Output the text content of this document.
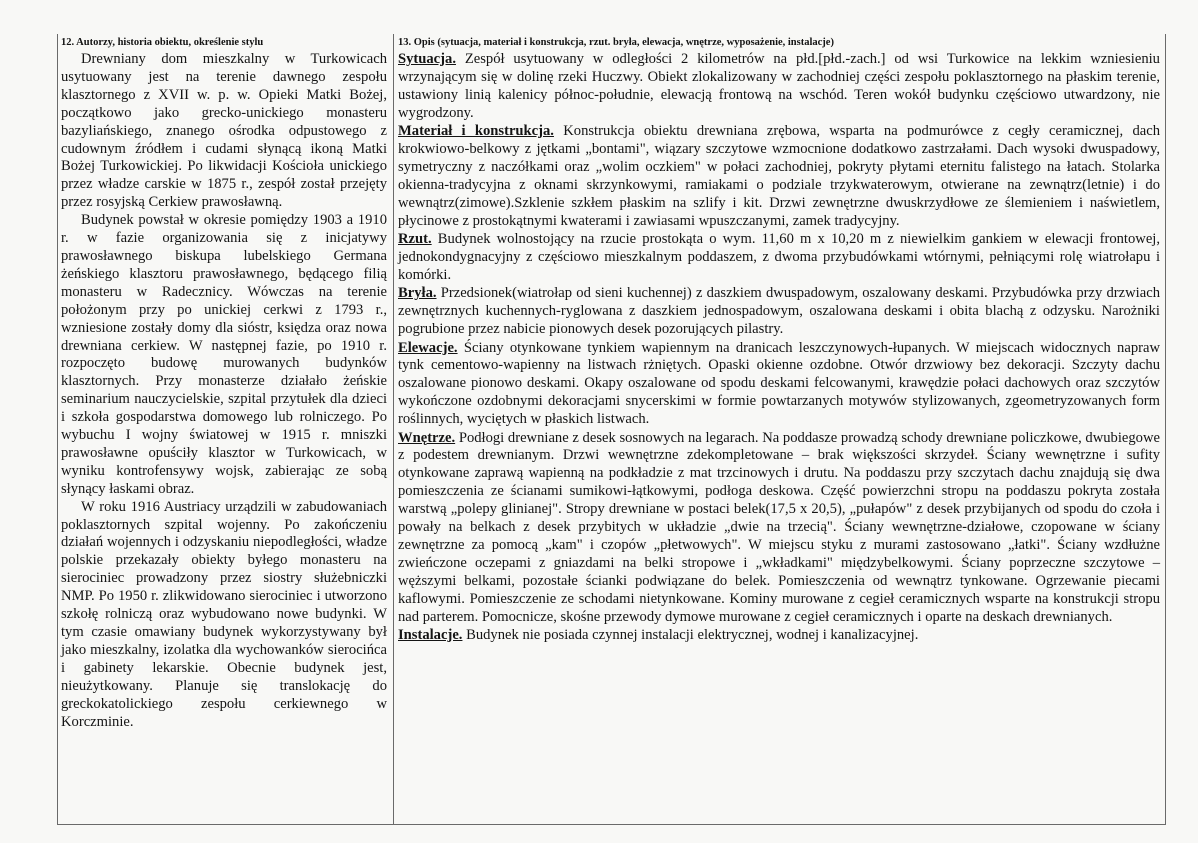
12. Autorzy, historia obiektu, określenie stylu

Drewniany dom mieszkalny w Turkowicach usytuowany jest na terenie dawnego zespołu klasztornego z XVII w. p. w. Opieki Matki Bożej, początkowo jako grecko-unickiego monasteru bazyliańskiego, znanego ośrodka odpustowego z cudownym źródłem i cudami słynącą ikoną Matki Bożej Turkowickiej. Po likwidacji Kościoła unickiego przez władze carskie w 1875 r., zespół został przejęty przez rosyjską Cerkiew prawosławną.

Budynek powstał w okresie pomiędzy 1903 a 1910 r. w fazie organizowania się z inicjatywy prawosławnego biskupa lubelskiego Germana żeńskiego klasztoru prawosławnego, będącego filią monasteru w Radecznicy. Wówczas na terenie położonym przy po unickiej cerkwi z 1793 r., wzniesione zostały domy dla sióstr, księdza oraz nowa drewniana cerkiew. W następnej fazie, po 1910 r. rozpoczęto budowę murowanych budynków klasztornych. Przy monasterze działało żeńskie seminarium nauczycielskie, szpital przytułek dla dzieci i szkoła gospodarstwa domowego lub rolniczego. Po wybuchu I wojny światowej w 1915 r. mniszki prawosławne opuściły klasztor w Turkowicach, w wyniku kontrofensywy wojsk, zabierając ze sobą słynący łaskami obraz.

W roku 1916 Austriacy urządzili w zabudowaniach poklasztornych szpital wojenny. Po zakończeniu działań wojennych i odzyskaniu niepodległości, władze polskie przekazały obiekty byłego monasteru na sierociniec prowadzony przez siostry służebniczki NMP. Po 1950 r. zlikwidowano sierociniec i utworzono szkołę rolniczą oraz wybudowano nowe budynki. W tym czasie omawiany budynek wykorzystywany był jako mieszkalny, izolatka dla wychowanków sierocińca i gabinety lekarskie. Obecnie budynek jest, nieużytkowany. Planuje się translokację do greckokatolickiego zespołu cerkiewnego w Korczminie.

13. Opis (sytuacja, materiał i konstrukcja, rzut. bryła, elewacja, wnętrze, wyposażenie, instalacje)

Sytuacja. Zespół usytuowany w odległości 2 kilometrów na płd.[płd.-zach.] od wsi Turkowice na lekkim wzniesieniu wrzynającym się w dolinę rzeki Huczwy. Obiekt zlokalizowany w zachodniej części zespołu poklasztornego na płaskim terenie, ustawiony linią kalenicy północ-południe, elewacją frontową na wschód. Teren wokół budynku częściowo utwardzony, nie wygrodzony.

Materiał i konstrukcja. Konstrukcja obiektu drewniana zrębowa, wsparta na podmurówce z cegły ceramicznej, dach krokwiowo-belkowy z jętkami „bontami", wiązary szczytowe wzmocnione dodatkowo zastrzałami. Dach wysoki dwuspadowy, symetryczny z naczółkami oraz „wolim oczkiem" w połaci zachodniej, pokryty płytami eternitu falistego na łatach. Stolarka okienna-tradycyjna z oknami skrzynkowymi, ramiakami o podziale trzykwaterowym, otwierane na zewnątrz(letnie) i do wewnątrz(zimowe).Szklenie szkłem płaskim na szlify i kit. Drzwi zewnętrzne dwuskrzydłowe ze ślemieniem i naświetlem, płycinowe z prostokątnymi kwaterami i zawiasami wpuszczanymi, zamek tradycyjny.

Rzut. Budynek wolnostojący na rzucie prostokąta o wym. 11,60 m x 10,20 m z niewielkim gankiem w elewacji frontowej, jednokondygnacyjny z częściowo mieszkalnym poddaszem, z dwoma przybudówkami wtórnymi, pełniącymi rolę wiatrołapu i komórki.

Bryła. Przedsionek(wiatrołap od sieni kuchennej) z daszkiem dwuspadowym, oszalowany deskami. Przybudówka przy drzwiach zewnętrznych kuchennych-ryglowana z daszkiem jednospadowym, oszalowana deskami i obita blachą z odzysku. Narożniki pogrubione przez nabicie pionowych desek pozorujących pilastry.

Elewacje. Ściany otynkowane tynkiem wapiennym na dranicach leszczynowych-łupanych. W miejscach widocznych napraw tynk cementowo-wapienny na listwach rżniętych. Opaski okienne ozdobne. Otwór drzwiowy bez dekoracji. Szczyty dachu oszalowane pionowo deskami. Okapy oszalowane od spodu deskami felcowanymi, krawędzie połaci dachowych oraz szczytów wykończone ozdobnymi dekoracjami snycerskimi w formie powtarzanych motywów stylizowanych, zgeometryzowanych form roślinnych, wyciętych w płaskich listwach.

Wnętrze. Podłogi drewniane z desek sosnowych na legarach. Na poddasze prowadzą schody drewniane policzkowe, dwubiegowe z podestem drewnianym. Drzwi wewnętrzne zdekompletowane – brak większości skrzydeł. Ściany wewnętrzne i sufity otynkowane zaprawą wapienną na podkładzie z mat trzcinowych i drutu. Na poddaszu przy szczytach dachu znajdują się dwa pomieszczenia ze ścianami sumikowi-łątkowymi, podłoga deskowa. Część powierzchni stropu na poddaszu pokryta została warstwą „polepy glinianej". Stropy drewniane w postaci belek(17,5 x 20,5), „pułapów" z desek przybijanych od spodu do czoła i powały na belkach z desek przybitych w układzie „dwie na trzecią". Ściany wewnętrzne-działowe, czopowane w ściany zewnętrzne za pomocą „kam" i czopów „płetwowych". W miejscu styku z murami zastosowano „łatki". Ściany wzdłużne zwieńczone oczepami z gniazdami na belki stropowe i „wkładkami" międzybelkowymi. Ściany poprzeczne szczytowe – węższymi belkami, pozostałe ścianki podwiązane do belek. Pomieszczenia od wewnątrz tynkowane. Ogrzewanie piecami kaflowymi. Pomieszczenie ze schodami nietynkowane. Kominy murowane z cegieł ceramicznych wsparte na konstrukcji stropu nad parterem. Pomocnicze, skośne przewody dymowe murowane z cegieł ceramicznych i oparte na deskach drewnianych.

Instalacje. Budynek nie posiada czynnej instalacji elektrycznej, wodnej i kanalizacyjnej.
